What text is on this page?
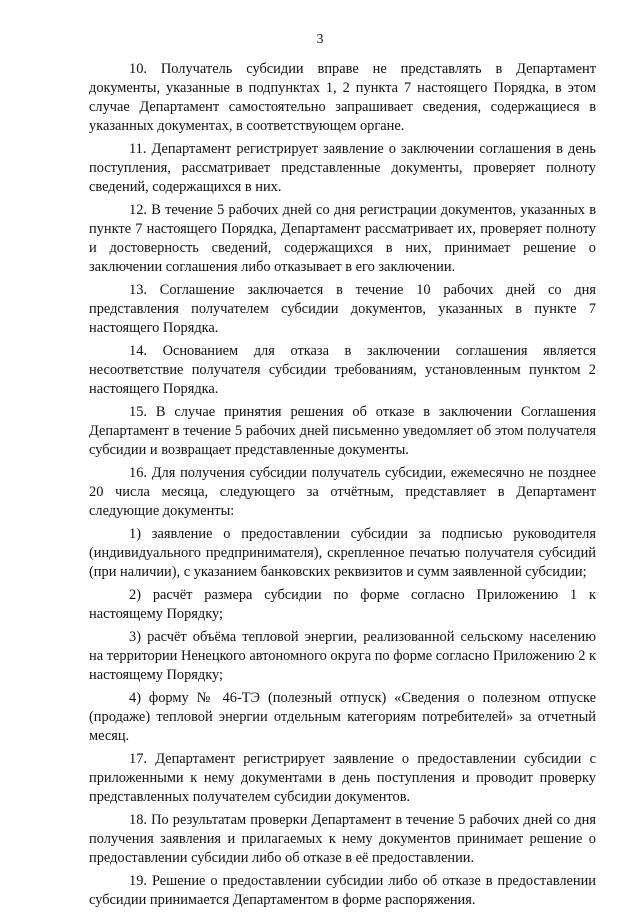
3

10. Получатель субсидии вправе не представлять в Департамент документы, указанные в подпунктах 1, 2 пункта 7 настоящего Порядка, в этом случае Департамент самостоятельно запрашивает сведения, содержащиеся в указанных документах, в соответствующем органе.

11. Департамент регистрирует заявление о заключении соглашения в день поступления, рассматривает представленные документы, проверяет полноту сведений, содержащихся в них.

12. В течение 5 рабочих дней со дня регистрации документов, указанных в пункте 7 настоящего Порядка, Департамент рассматривает их, проверяет полноту и достоверность сведений, содержащихся в них, принимает решение о заключении соглашения либо отказывает в его заключении.

13. Соглашение заключается в течение 10 рабочих дней со дня представления получателем субсидии документов, указанных в пункте 7 настоящего Порядка.

14. Основанием для отказа в заключении соглашения является несоответствие получателя субсидии требованиям, установленным пунктом 2 настоящего Порядка.

15. В случае принятия решения об отказе в заключении Соглашения Департамент в течение 5 рабочих дней письменно уведомляет об этом получателя субсидии и возвращает представленные документы.

16. Для получения субсидии получатель субсидии, ежемесячно не позднее 20 числа месяца, следующего за отчётным, представляет в Департамент следующие документы:

1) заявление о предоставлении субсидии за подписью руководителя (индивидуального предпринимателя), скрепленное печатью получателя субсидий (при наличии), с указанием банковских реквизитов и сумм заявленной субсидии;

2) расчёт размера субсидии по форме согласно Приложению 1 к настоящему Порядку;

3) расчёт объёма тепловой энергии, реализованной сельскому населению на территории Ненецкого автономного округа по форме согласно Приложению 2 к настоящему Порядку;

4) форму № 46-ТЭ (полезный отпуск) «Сведения о полезном отпуске (продаже) тепловой энергии отдельным категориям потребителей» за отчетный месяц.

17. Департамент регистрирует заявление о предоставлении субсидии с приложенными к нему документами в день поступления и проводит проверку представленных получателем субсидии документов.

18. По результатам проверки Департамент в течение 5 рабочих дней со дня получения заявления и прилагаемых к нему документов принимает решение о предоставлении субсидии либо об отказе в её предоставлении.

19. Решение о предоставлении субсидии либо об отказе в предоставлении субсидии принимается Департаментом в форме распоряжения.
